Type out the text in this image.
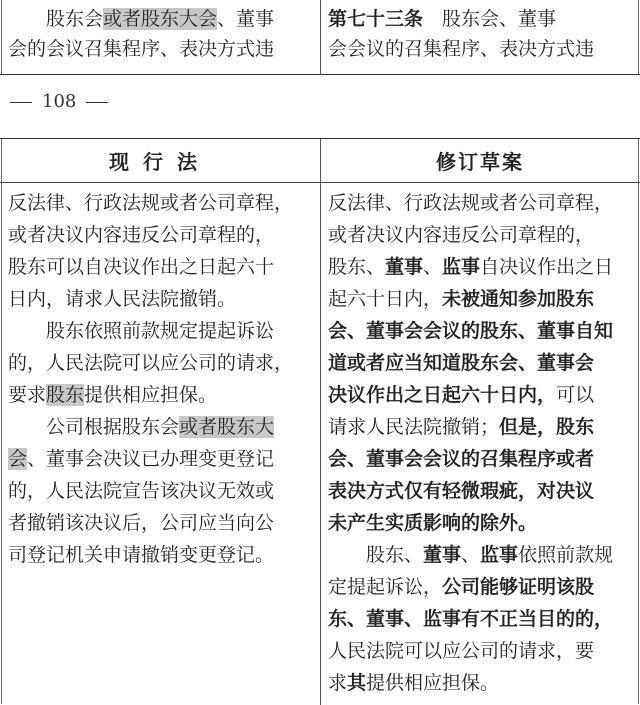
　　股东会或者股东大会、董事
会的会议召集程序、表决方式违
第七十三条　股东会、董事
会会议的召集程序、表决方式违
108
现行法	修订草案
反法律、行政法规或者公司章程，
或者决议内容违反公司章程的，
股东可以自决议作出之日起六十
日内，请求人民法院撤销。
股东依照前款规定提起诉讼
的，人民法院可以应公司的请求，
要求股东提供相应担保。
公司根据股东会或者股东大
会、董事会决议已办理变更登记
的，人民法院宣告该决议无效或
者撤销该决议后，公司应当向公
司登记机关申请撤销变更登记。
反法律、行政法规或者公司章程，
或者决议内容违反公司章程的，
股东、董事、监事自决议作出之日
起六十日内，未被通知参加股东
会、董事会会议的股东、董事自知
道或者应当知道股东会、董事会
决议作出之日起六十日内，可以
请求人民法院撤销；但是，股东
会、董事会会议的召集程序或者
表决方式仅有轻微瑕疵，对决议
未产生实质影响的除外。
股东、董事、监事依照前款规
定提起诉讼，公司能够证明该股
东、董事、监事有不正当目的的，
人民法院可以应公司的请求，要
求其提供相应担保。
